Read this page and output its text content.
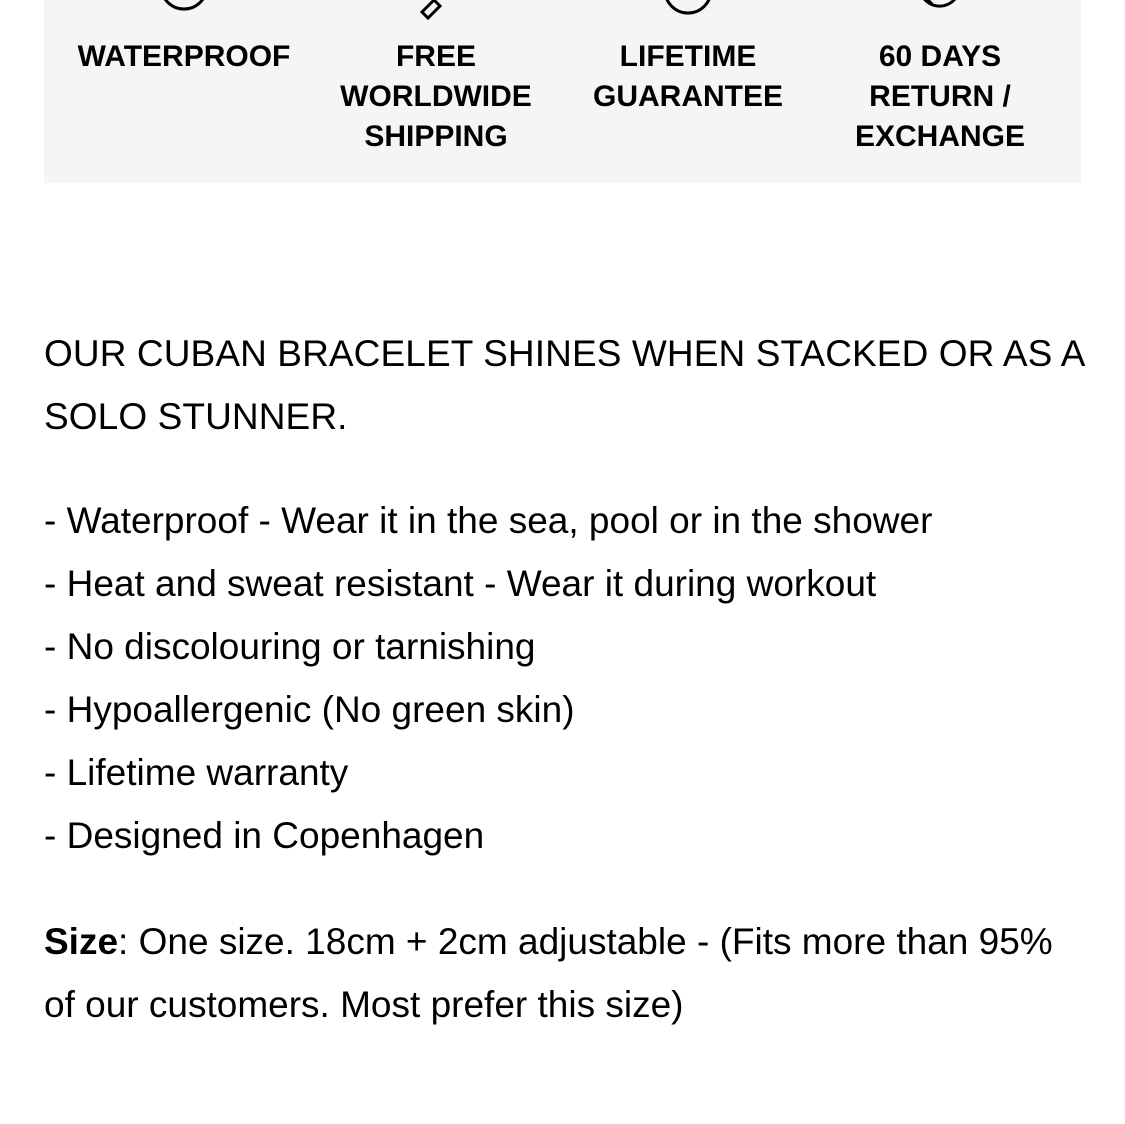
WATERPROOF	FREE WORLDWIDE SHIPPING
LIFETIME GUARANTEE
60 DAYS RETURN / EXCHANGE
OUR CUBAN BRACELET SHINES WHEN STACKED OR AS A SOLO STUNNER.
- Waterproof - Wear it in the sea, pool or in the shower
- Heat and sweat resistant - Wear it during workout
- No discolouring or tarnishing
- Hypoallergenic (No green skin)
- Lifetime warranty
- Designed in Copenhagen

Size: One size. 18cm + 2cm adjustable - (Fits more than 95% of our customers. Most prefer this size)
